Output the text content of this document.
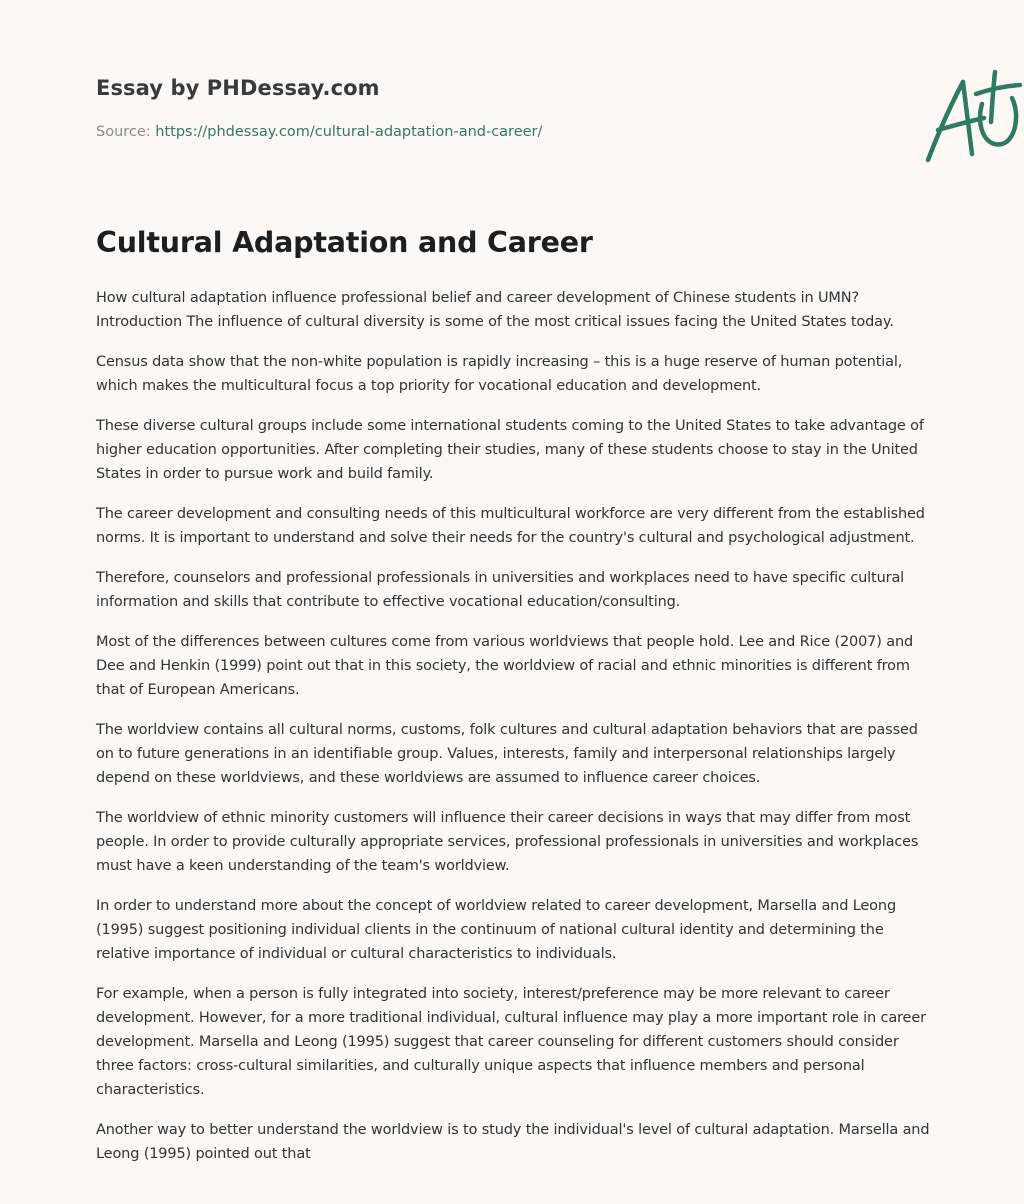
Essay by PHDessay.com
Source: https://phdessay.com/cultural-adaptation-and-career/
Cultural Adaptation and Career

How cultural adaptation influence professional belief and career development of Chinese students in UMN? Introduction The influence of cultural diversity is some of the most critical issues facing the United States today.

Census data show that the non-white population is rapidly increasing – this is a huge reserve of human potential, which makes the multicultural focus a top priority for vocational education and development.

These diverse cultural groups include some international students coming to the United States to take advantage of higher education opportunities. After completing their studies, many of these students choose to stay in the United States in order to pursue work and build family.

The career development and consulting needs of this multicultural workforce are very different from the established norms. It is important to understand and solve their needs for the country's cultural and psychological adjustment.

Therefore, counselors and professional professionals in universities and workplaces need to have specific cultural information and skills that contribute to effective vocational education/consulting.

Most of the differences between cultures come from various worldviews that people hold. Lee and Rice (2007) and Dee and Henkin (1999) point out that in this society, the worldview of racial and ethnic minorities is different from that of European Americans.

The worldview contains all cultural norms, customs, folk cultures and cultural adaptation behaviors that are passed on to future generations in an identifiable group. Values, interests, family and interpersonal relationships largely depend on these worldviews, and these worldviews are assumed to influence career choices.

The worldview of ethnic minority customers will influence their career decisions in ways that may differ from most people. In order to provide culturally appropriate services, professional professionals in universities and workplaces must have a keen understanding of the team's worldview.

In order to understand more about the concept of worldview related to career development, Marsella and Leong (1995) suggest positioning individual clients in the continuum of national cultural identity and determining the relative importance of individual or cultural characteristics to individuals.

For example, when a person is fully integrated into society, interest/preference may be more relevant to career development. However, for a more traditional individual, cultural influence may play a more important role in career development. Marsella and Leong (1995) suggest that career counseling for different customers should consider three factors: cross-cultural similarities, and culturally unique aspects that influence members and personal characteristics.

Another way to better understand the worldview is to study the individual's level of cultural adaptation. Marsella and Leong (1995) pointed out that
